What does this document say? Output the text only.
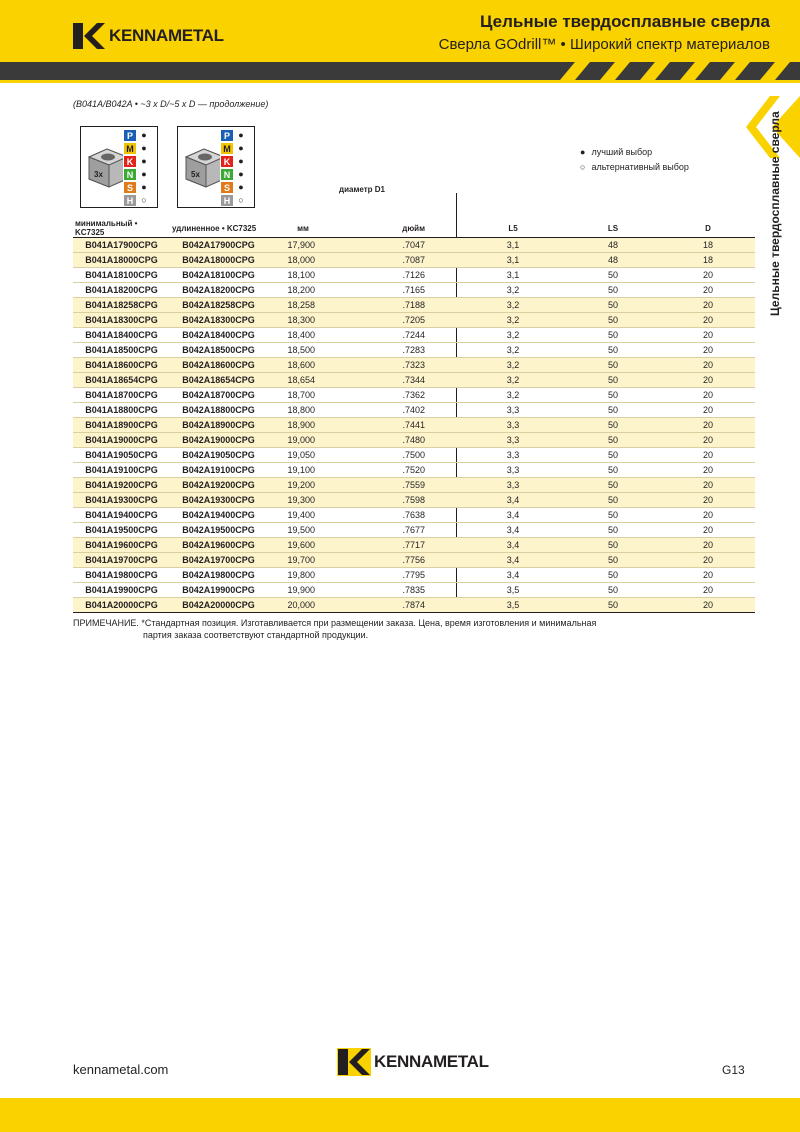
KENNAMETAL
Цельные твердосплавные сверла
Сверла GOdrill™ • Широкий спектр материалов
Цельные твердосплавные сверла
(B041A/B042A • ~3 x D/~5 x D — продолжение)
3x
P ●
M ●
K ●
N ●
S ●
H ○
5x
P ●
M ●
K ●
N ●
S ●
H ○
● лучший выбор
○ альтернативный выбор
диаметр D1
минимальный • KC7325	удлиненное • KC7325	мм	дюйм	L5	LS	D
B041A17900CPG	B042A17900CPG	17,900	.7047	3,1	48	18
B041A18000CPG	B042A18000CPG	18,000	.7087	3,1	48	18
B041A18100CPG	B042A18100CPG	18,100	.7126	3,1	50	20
B041A18200CPG	B042A18200CPG	18,200	.7165	3,2	50	20
B041A18258CPG	B042A18258CPG	18,258	.7188	3,2	50	20
B041A18300CPG	B042A18300CPG	18,300	.7205	3,2	50	20
B041A18400CPG	B042A18400CPG	18,400	.7244	3,2	50	20
B041A18500CPG	B042A18500CPG	18,500	.7283	3,2	50	20
B041A18600CPG	B042A18600CPG	18,600	.7323	3,2	50	20
B041A18654CPG	B042A18654CPG	18,654	.7344	3,2	50	20
B041A18700CPG	B042A18700CPG	18,700	.7362	3,2	50	20
B041A18800CPG	B042A18800CPG	18,800	.7402	3,3	50	20
B041A18900CPG	B042A18900CPG	18,900	.7441	3,3	50	20
B041A19000CPG	B042A19000CPG	19,000	.7480	3,3	50	20
B041A19050CPG	B042A19050CPG	19,050	.7500	3,3	50	20
B041A19100CPG	B042A19100CPG	19,100	.7520	3,3	50	20
B041A19200CPG	B042A19200CPG	19,200	.7559	3,3	50	20
B041A19300CPG	B042A19300CPG	19,300	.7598	3,4	50	20
B041A19400CPG	B042A19400CPG	19,400	.7638	3,4	50	20
B041A19500CPG	B042A19500CPG	19,500	.7677	3,4	50	20
B041A19600CPG	B042A19600CPG	19,600	.7717	3,4	50	20
B041A19700CPG	B042A19700CPG	19,700	.7756	3,4	50	20
B041A19800CPG	B042A19800CPG	19,800	.7795	3,4	50	20
B041A19900CPG	B042A19900CPG	19,900	.7835	3,5	50	20
B041A20000CPG	B042A20000CPG	20,000	.7874	3,5	50	20
ПРИМЕЧАНИЕ. *Стандартная позиция. Изготавливается при размещении заказа. Цена, время изготовления и минимальная
партия заказа соответствуют стандартной продукции.
kennametal.com	KENNAMETAL	G13
